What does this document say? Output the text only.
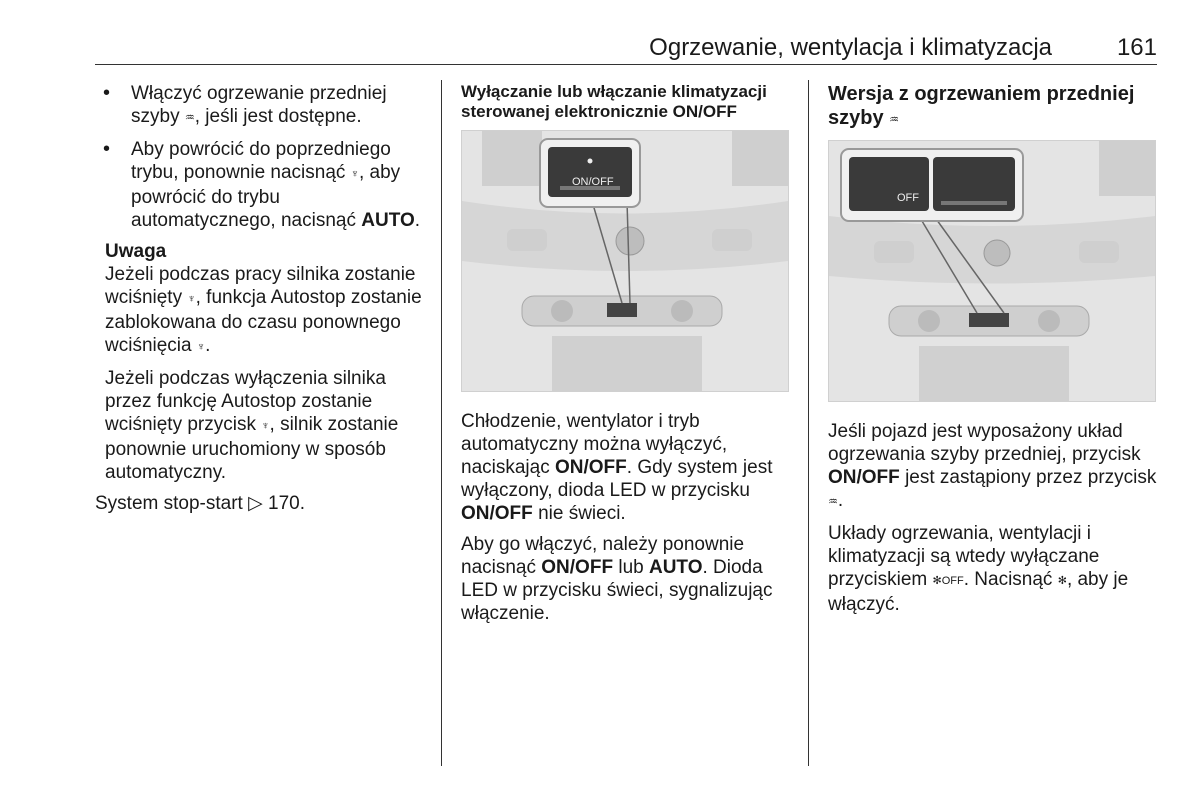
Ogrzewanie, wentylacja i klimatyzacja	161
• Włączyć ogrzewanie przedniej szyby ♒, jeśli jest dostępne.
• Aby powrócić do poprzedniego trybu, ponownie nacisnąć ♆, aby powrócić do trybu automatycznego, nacisnąć AUTO.

Uwaga

Jeżeli podczas pracy silnika zostanie wciśnięty ♆, funkcja Autostop zostanie zablokowana do czasu ponownego wciśnięcia ♆.

Jeżeli podczas wyłączenia silnika przez funkcję Autostop zostanie wciśnięty przycisk ♆, silnik zostanie ponownie uruchomiony w sposób automatyczny.

System stop-start ▷ 170.

Wyłączanie lub włączanie klimatyzacji sterowanej elektronicznie ON/OFF
ON/OFF

Chłodzenie, wentylator i tryb automatyczny można wyłączyć, naciskając ON/OFF. Gdy system jest wyłączony, dioda LED w przycisku ON/OFF nie świeci.

Aby go włączyć, należy ponownie nacisnąć ON/OFF lub AUTO. Dioda LED w przycisku świeci, sygnalizując włączenie.

Wersja z ogrzewaniem przedniej szyby ♒
OFF

Jeśli pojazd jest wyposażony układ ogrzewania szyby przedniej, przycisk ON/OFF jest zastąpiony przez przycisk ♒.

Układy ogrzewania, wentylacji i klimatyzacji są wtedy wyłączane przyciskiem ✻OFF. Nacisnąć ✻, aby je włączyć.
